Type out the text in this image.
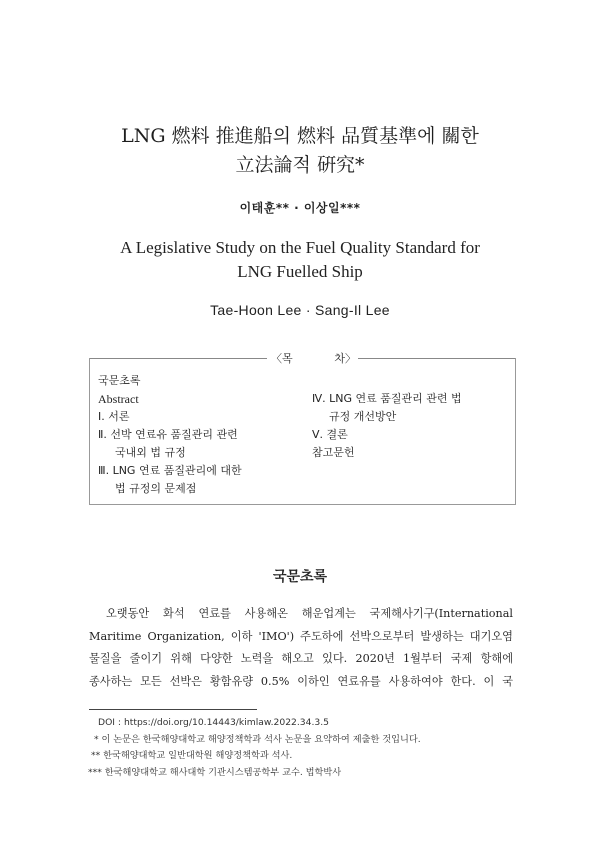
LNG 燃料 推進船의 燃料 品質基準에 關한
立法論적 硏究*
이태훈** · 이상일***
A Legislative Study on the Fuel Quality Standard for
LNG Fuelled Ship
Tae-Hoon Lee · Sang-Il Lee
〈목	차〉
국문초록
Abstract
Ⅰ. 서론
Ⅱ. 선박 연료유 품질관리 관련
국내외 법 규정
Ⅲ. LNG 연료 품질관리에 대한
법 규정의 문제점
Ⅳ. LNG 연료 품질관리 관련 법
규정 개선방안
Ⅴ. 결론
참고문헌
국문초록
오랫동안 화석 연료를 사용해온 해운업계는 국제해사기구(International
Maritime Organization, 이하 'IMO') 주도하에 선박으로부터 발생하는 대기오염
물질을 줄이기 위해 다양한 노력을 해오고 있다. 2020년 1월부터 국제 항해에
종사하는 모든 선박은 황함유량 0.5% 이하인 연료유를 사용하여야 한다. 이 국
DOI : https://doi.org/10.14443/kimlaw.2022.34.3.5
* 이 논문은 한국해양대학교 해양정책학과 석사 논문을 요약하여 제출한 것입니다.
** 한국해양대학교 일반대학원 해양정책학과 석사.
*** 한국해양대학교 해사대학 기관시스템공학부 교수. 법학박사
